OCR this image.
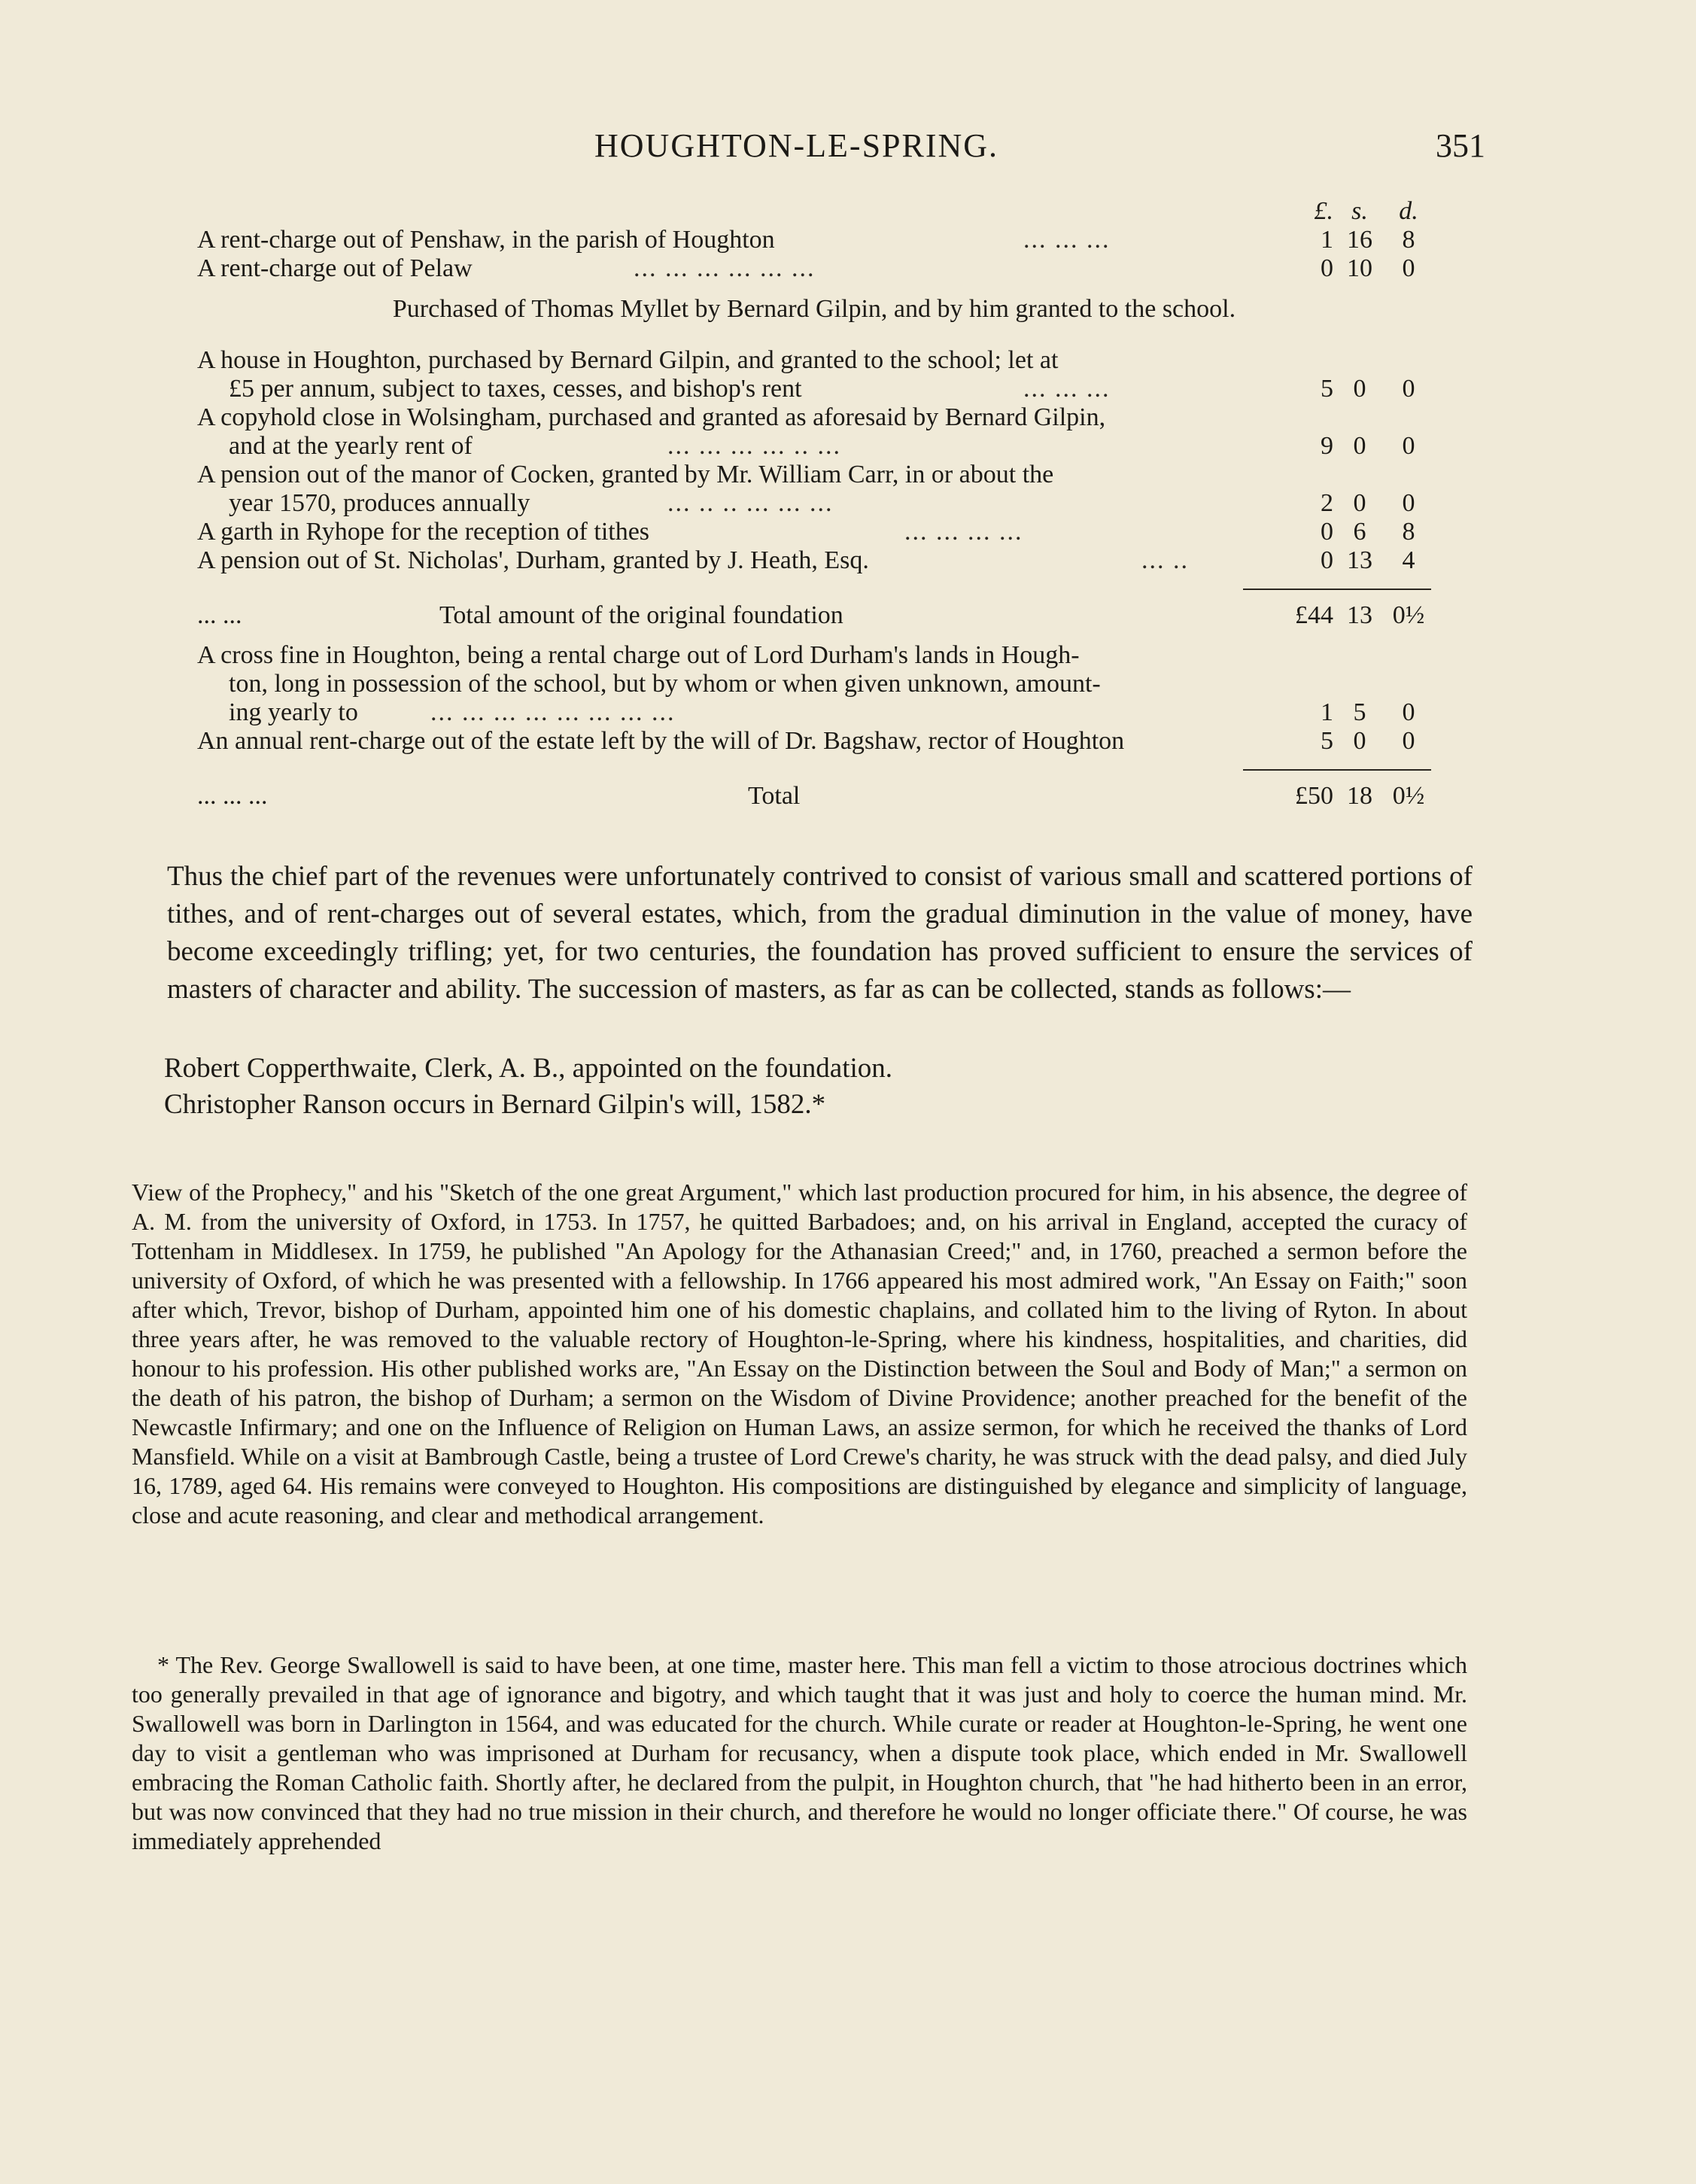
HOUGHTON-LE-SPRING.	351
£. s.	d.
A rent-charge out of Penshaw, in the parish of Houghton	... ... ...	1 16	8
A rent-charge out of Pelaw	... ... ... ... ... ...	0 10	0
Purchased of Thomas Myllet by Bernard Gilpin, and by him granted to the school.
A house in Houghton, purchased by Bernard Gilpin, and granted to the school; let at
£5 per annum, subject to taxes, cesses, and bishop's rent	... ... ...	5 0	0
A copyhold close in Wolsingham, purchased and granted as aforesaid by Bernard Gilpin,
and at the yearly rent of	... ... ... ... .. ...	9 0	0
A pension out of the manor of Cocken, granted by Mr. William Carr, in or about the
year 1570, produces annually	... .. .. ... ... ...	2 0	0
A garth in Ryhope for the reception of tithes	... ... ... ...	0 6	8
A pension out of St. Nicholas', Durham, granted by J. Heath, Esq.	... ..	0 13	4
Total amount of the original foundation
... ...	£44 13 0½
A cross fine in Houghton, being a rental charge out of Lord Durham's lands in Hough-
ton, long in possession of the school, but by whom or when given unknown, amount-
ing yearly to	... ... ... ... ... ... ... ...	1 5	0
An annual rent-charge out of the estate left by the will of Dr. Bagshaw, rector of Houghton	5 0	0
Total
... ... ...	£50 18 0½

Thus the chief part of the revenues were unfortunately contrived to consist of various small and scattered portions of tithes, and of rent-charges out of several estates, which, from the gradual diminution in the value of money, have become exceedingly trifling; yet, for two centuries, the foundation has proved sufficient to ensure the services of masters of character and ability. The succession of masters, as far as can be collected, stands as follows:—

Robert Copperthwaite, Clerk, A. B., appointed on the foundation.
Christopher Ranson occurs in Bernard Gilpin's will, 1582.*

View of the Prophecy," and his "Sketch of the one great Argument," which last production procured for him, in his absence, the degree of A. M. from the university of Oxford, in 1753. In 1757, he quitted Barbadoes; and, on his arrival in England, accepted the curacy of Tottenham in Middlesex. In 1759, he published "An Apology for the Athanasian Creed;" and, in 1760, preached a sermon before the university of Oxford, of which he was presented with a fellowship. In 1766 appeared his most admired work, "An Essay on Faith;" soon after which, Trevor, bishop of Durham, appointed him one of his domestic chaplains, and collated him to the living of Ryton. In about three years after, he was removed to the valuable rectory of Houghton-le-Spring, where his kindness, hospitalities, and charities, did honour to his profession. His other published works are, "An Essay on the Distinction between the Soul and Body of Man;" a sermon on the death of his patron, the bishop of Durham; a sermon on the Wisdom of Divine Providence; another preached for the benefit of the Newcastle Infirmary; and one on the Influence of Religion on Human Laws, an assize sermon, for which he received the thanks of Lord Mansfield. While on a visit at Bambrough Castle, being a trustee of Lord Crewe's charity, he was struck with the dead palsy, and died July 16, 1789, aged 64. His remains were conveyed to Houghton. His compositions are distinguished by elegance and simplicity of language, close and acute reasoning, and clear and methodical arrangement.

* The Rev. George Swallowell is said to have been, at one time, master here. This man fell a victim to those atrocious doctrines which too generally prevailed in that age of ignorance and bigotry, and which taught that it was just and holy to coerce the human mind. Mr. Swallowell was born in Darlington in 1564, and was educated for the church. While curate or reader at Houghton-le-Spring, he went one day to visit a gentleman who was imprisoned at Durham for recusancy, when a dispute took place, which ended in Mr. Swallowell embracing the Roman Catholic faith. Shortly after, he declared from the pulpit, in Houghton church, that "he had hitherto been in an error, but was now convinced that they had no true mission in their church, and therefore he would no longer officiate there." Of course, he was immediately apprehended
